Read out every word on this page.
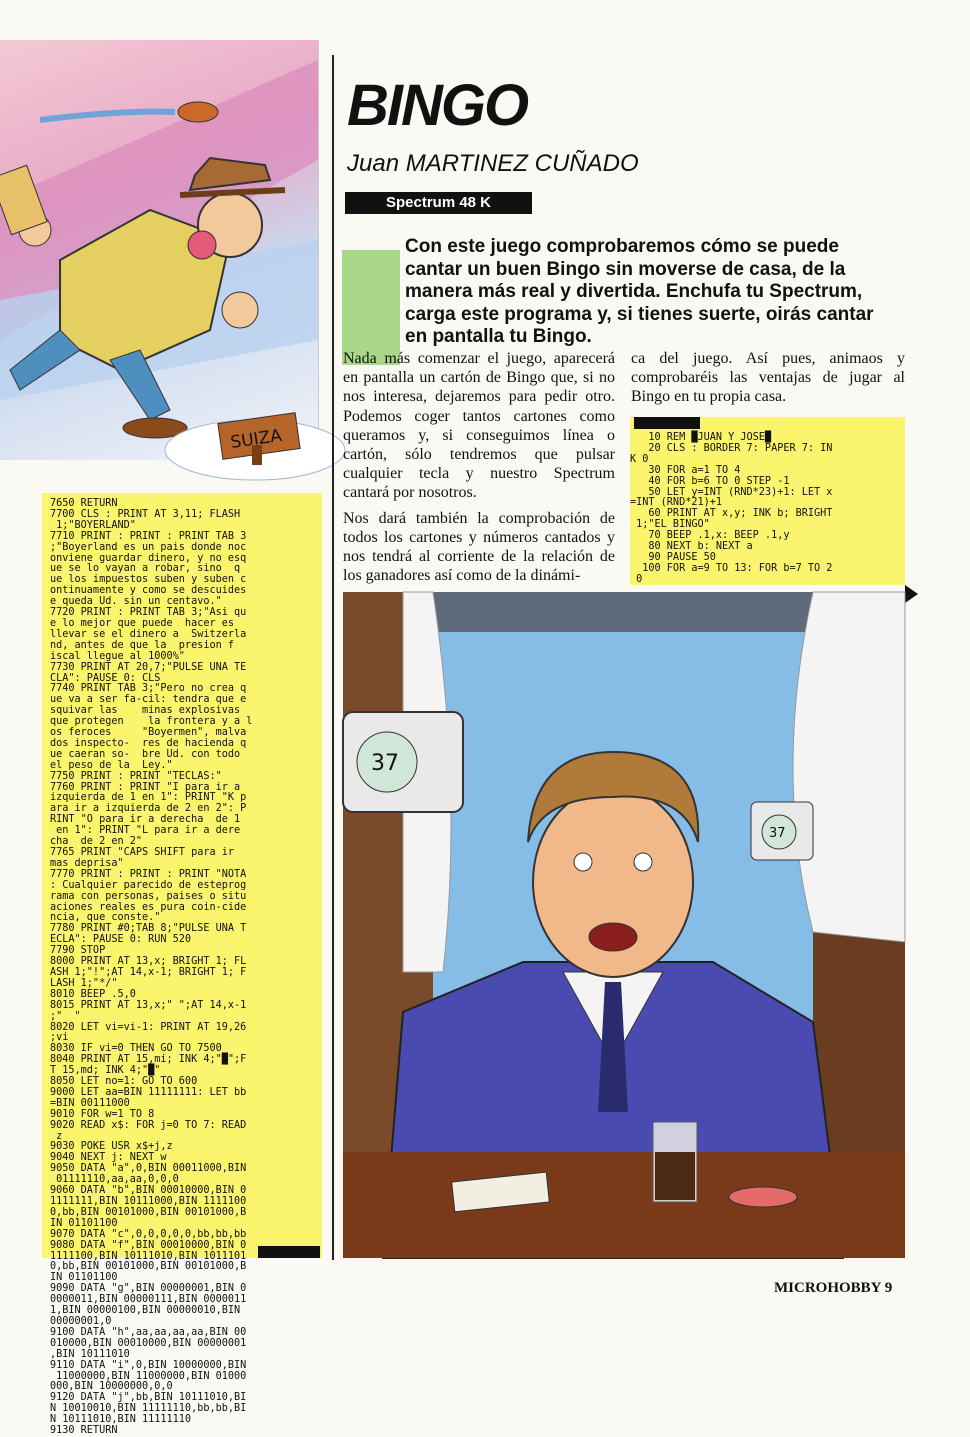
SUIZA
BINGO
Juan MARTINEZ CUÑADO
Spectrum 48 K
Con este juego comprobaremos cómo se puede cantar un buen Bingo sin moverse de casa, de la manera más real y divertida. Enchufa tu Spectrum, carga este programa y, si tienes suerte, oirás cantar en pantalla tu Bingo.

Nada más comenzar el juego, aparecerá en pantalla un cartón de Bingo que, si no nos interesa, dejaremos para pedir otro. Podemos coger tantos cartones como queramos y, si conseguimos línea o cartón, sólo tendremos que pulsar cualquier tecla y nuestro Spectrum cantará por nosotros.

Nos dará también la comprobación de todos los cartones y números cantados y nos tendrá al corriente de la relación de los ganadores así como de la dinámi-

ca del juego. Así pues, animaos y comprobaréis las ventajas de jugar al Bingo en tu propia casa.

10 REM █JUAN Y JOSE█
20 CLS : BORDER 7: PAPER 7: IN
K 0
30 FOR a=1 TO 4
40 FOR b=6 TO 0 STEP -1
50 LET y=INT (RND*23)+1: LET x
=INT (RND*21)+1
60 PRINT AT x,y; INK b; BRIGHT
1;"EL BINGO"
70 BEEP .1,x: BEEP .1,y
80 NEXT b: NEXT a
90 PAUSE 50
100 FOR a=9 TO 13: FOR b=7 TO 2
0
7650 RETURN
7700 CLS : PRINT AT 3,11; FLASH
1;"BOYERLAND"
7710 PRINT : PRINT : PRINT TAB 3
;"Boyerland es un pais donde noc
onviene guardar dinero, y no esq
ue se lo vayan a robar, sino  q
ue los impuestos suben y suben c
ontinuamente y como se descuides
e queda Ud. sin un centavo."
7720 PRINT : PRINT TAB 3;"Asi qu
e lo mejor que puede  hacer es
llevar se el dinero a  Switzerla
nd, antes de que la  presion f
iscal llegue al 1000%"
7730 PRINT AT 20,7;"PULSE UNA TE
CLA": PAUSE 0: CLS
7740 PRINT TAB 3;"Pero no crea q
ue va a ser fa-cil: tendra que e
squivar las    minas explosivas
que protegen    la frontera y a l
os feroces     "Boyermen", malva
dos inspecto-  res de hacienda q
ue caeran so-  bre Ud. con todo
el peso de la  Ley."
7750 PRINT : PRINT "TECLAS:"
7760 PRINT : PRINT "I para ir a
izquierda de 1 en 1": PRINT "K p
ara ir a izquierda de 2 en 2": P
RINT "O para ir a derecha  de 1
en 1": PRINT "L para ir a dere
cha  de 2 en 2"
7765 PRINT "CAPS SHIFT para ir
mas deprisa"
7770 PRINT : PRINT : PRINT "NOTA
: Cualquier parecido de esteprog
rama con personas, paises o situ
aciones reales es pura coin-cide
ncia, que conste."
7780 PRINT #0;TAB 8;"PULSE UNA T
ECLA": PAUSE 0: RUN 520
7790 STOP
8000 PRINT AT 13,x; BRIGHT 1; FL
ASH 1;"!";AT 14,x-1; BRIGHT 1; F
LASH 1;"*/"
8010 BEEP .5,0
8015 PRINT AT 13,x;" ";AT 14,x-1
;"  "
8020 LET vi=vi-1: PRINT AT 19,26
;vi
8030 IF vi=0 THEN GO TO 7500
8040 PRINT AT 15,mi; INK 4;"█";F
T 15,md; INK 4;"█"
8050 LET no=1: GO TO 600
9000 LET aa=BIN 11111111: LET bb
=BIN 00111000
9010 FOR w=1 TO 8
9020 READ x$: FOR j=0 TO 7: READ
z
9030 POKE USR x$+j,z
9040 NEXT j: NEXT w
9050 DATA "a",0,BIN 00011000,BIN
01111110,aa,aa,0,0,0
9060 DATA "b",BIN 00010000,BIN 0
1111111,BIN 10111000,BIN 1111100
0,bb,BIN 00101000,BIN 00101000,B
IN 01101100
9070 DATA "c",0,0,0,0,0,bb,bb,bb
9080 DATA "f",BIN 00010000,BIN 0
1111100,BIN 10111010,BIN 1011101
0,bb,BIN 00101000,BIN 00101000,B
IN 01101100
9090 DATA "g",BIN 00000001,BIN 0
0000011,BIN 00000111,BIN 0000011
1,BIN 00000100,BIN 00000010,BIN
00000001,0
9100 DATA "h",aa,aa,aa,aa,BIN 00
010000,BIN 00010000,BIN 00000001
,BIN 10111010
9110 DATA "i",0,BIN 10000000,BIN
11000000,BIN 11000000,BIN 01000
000,BIN 10000000,0,0
9120 DATA "j",bb,BIN 10111010,BI
N 10010010,BIN 11111110,bb,bb,BI
N 10111010,BIN 11111110
9130 RETURN
37
37
MICROHOBBY 9
